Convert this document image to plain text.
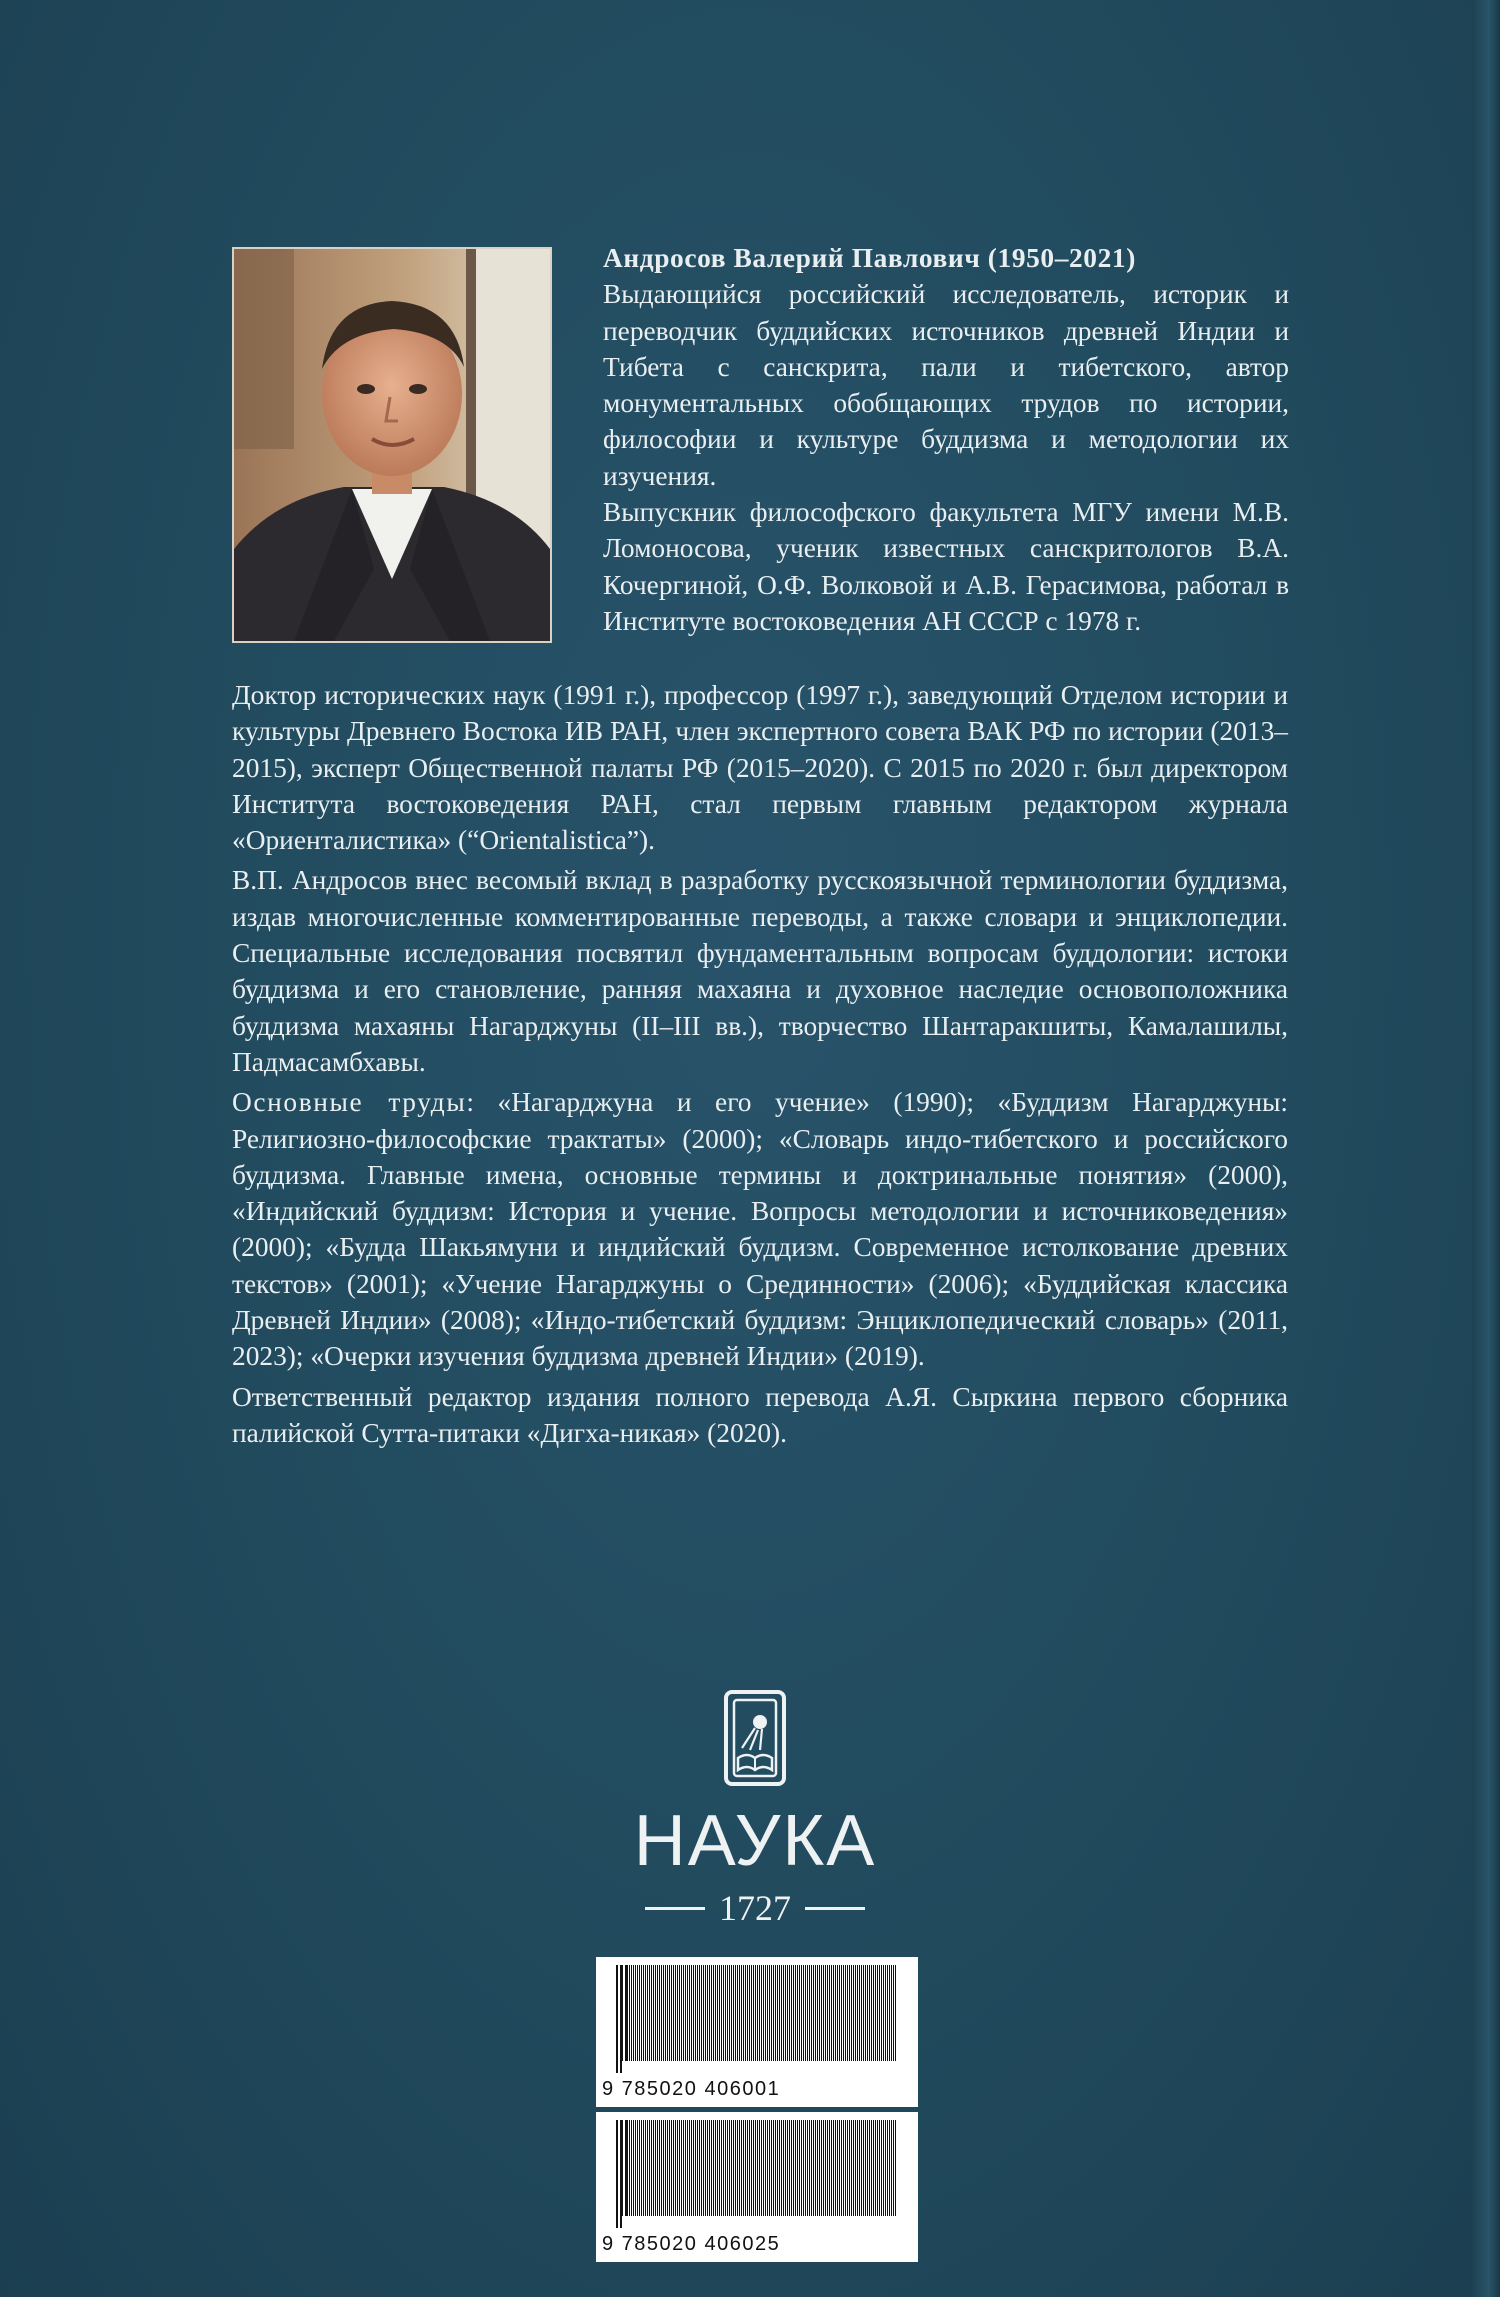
Андросов Валерий Павлович (1950–2021)

Выдающийся российский исследователь, историк и переводчик буддийских источников древней Индии и Тибета с санскрита, пали и тибетского, автор монументальных обобщающих трудов по истории, философии и культуре буддизма и методологии их изучения.

Выпускник философского факультета МГУ имени М.В. Ломоносова, ученик известных санскритологов В.А. Кочергиной, О.Ф. Волковой и А.В. Герасимова, работал в Институте востоковедения АН СССР с 1978 г.

Доктор исторических наук (1991 г.), профессор (1997 г.), заведующий Отделом истории и культуры Древнего Востока ИВ РАН, член экспертного совета ВАК РФ по истории (2013–2015), эксперт Общественной палаты РФ (2015–2020). С 2015 по 2020 г. был директором Института востоковедения РАН, стал первым главным редактором журнала «Ориенталистика» (“Orientalistica”).

В.П. Андросов внес весомый вклад в разработку русскоязычной терминологии буддизма, издав многочисленные комментированные переводы, а также словари и энциклопедии. Специальные исследования посвятил фундаментальным вопросам буддологии: истоки буддизма и его становление, ранняя махаяна и духовное наследие основоположника буддизма махаяны Нагарджуны (II–III вв.), творчество Шантаракшиты, Камалашилы, Падмасамбхавы.

Основные труды: «Нагарджуна и его учение» (1990); «Буддизм Нагарджуны: Религиозно-философские трактаты» (2000); «Словарь индо-тибетского и российского буддизма. Главные имена, основные термины и доктринальные понятия» (2000), «Индийский буддизм: История и учение. Вопросы методологии и источниковедения» (2000); «Будда Шакьямуни и индийский буддизм. Современное истолкование древних текстов» (2001); «Учение Нагарджуны о Срединности» (2006); «Буддийская классика Древней Индии» (2008); «Индо-тибетский буддизм: Энциклопедический словарь» (2011, 2023); «Очерки изучения буддизма древней Индии» (2019).

Ответственный редактор издания полного перевода А.Я. Сыркина первого сборника палийской Сутта-питаки «Дигха-никая» (2020).

НАУКА
1727
9 785020 406001
9 785020 406025
